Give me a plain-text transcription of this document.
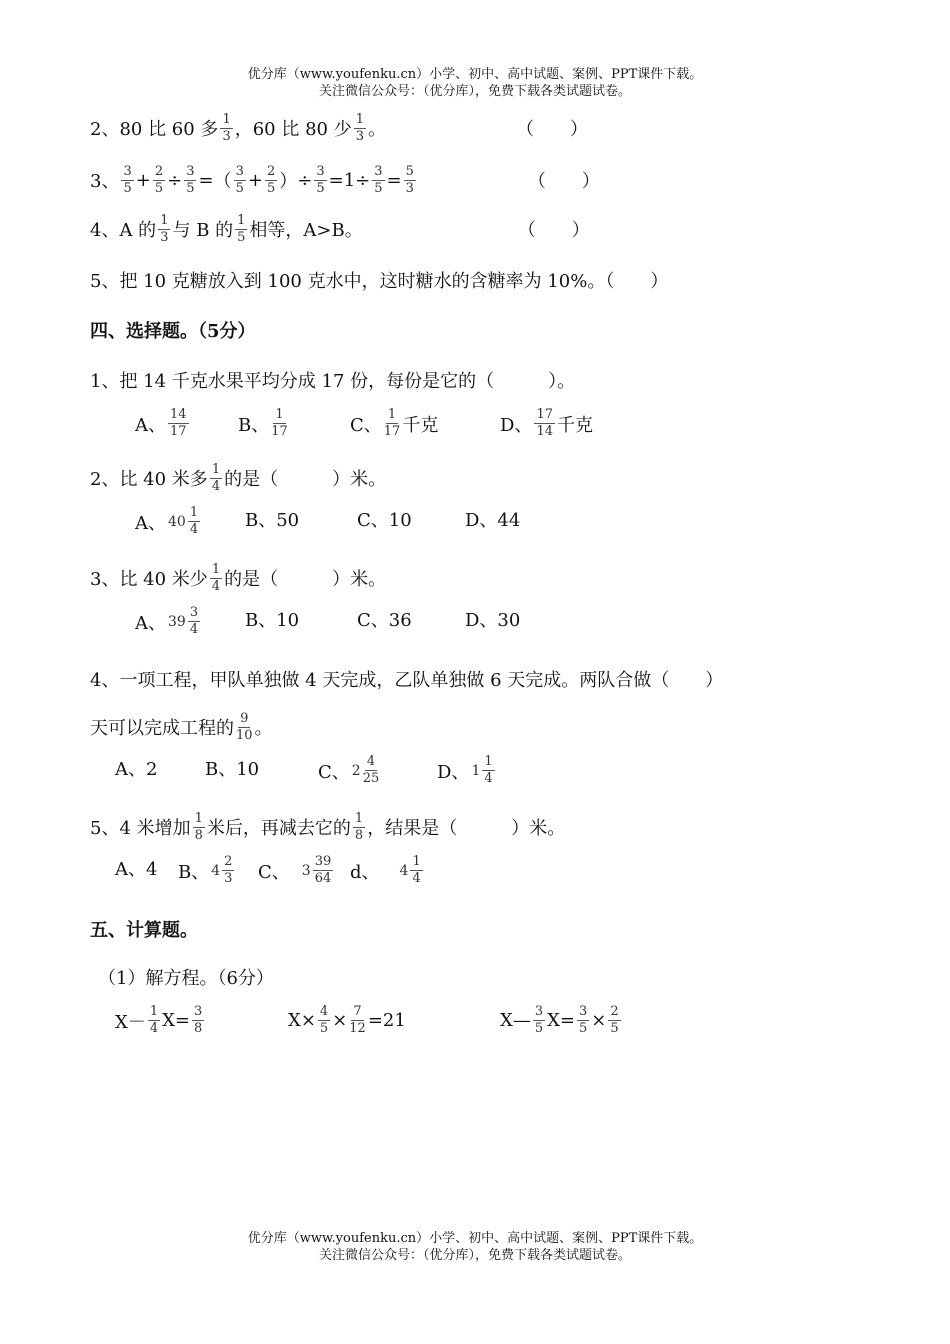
优分库（www.youfenku.cn）小学、初中、高中试题、案例、PPT课件下载。
关注微信公众号：（优分库），免费下载各类试题试卷。
2、80 比 60 多 $\frac{1}{3}$ ，60 比 80 少 $\frac{1}{3}$ 。	（　　）
3、 $\frac{3}{5} + \frac{2}{5} \div \frac{3}{5}$ = （ $\frac{3}{5} + \frac{2}{5}$ ） ÷ $\frac{3}{5} =1\div \frac{3}{5} = \frac{5}{3}$	（　　）
4、A 的 $\frac{1}{3}$ 与 B 的 $\frac{1}{5}$ 相等，A>B。	（　　）
5、把 10 克糖放入到 100 克水中，这时糖水的含糖率为 10%。（　　）
四、选择题。（5分）
1、把 14 千克水果平均分成 17 份，每份是它的（　　　）。
A、 $\frac{14}{17}$	B、 $\frac{1}{17}$	C、 $\frac{1}{17}$ 千克	D、 $\frac{17}{14}$ 千克
2、比 40 米多 $\frac{1}{4}$ 的是（　　　）米。
A、 $40 \frac{1}{4}$ B、50	C、10	D、44
3、比 40 米少 $\frac{1}{4}$ 的是（　　　）米。
A、 $39 \frac{3}{4}$ B、10	C、36	D、30
4、一项工程，甲队单独做 4 天完成，乙队单独做 6 天完成。两队合做（　　）
天可以完成工程的 $\frac{9}{10}$ 。
A、2	B、10	C、 $2 \frac{4}{25}$	D、 $1 \frac{1}{4}$
5、4 米增加 $\frac{1}{8}$ 米后，再减去它的 $\frac{1}{8}$ ，结果是（　　　）米。
A、4 B、 $4 \frac{2}{3}$ C、 $3 \frac{39}{64}$ d、 $4 \frac{1}{4}$
五、计算题。
（1）解方程。（6分）
$X- \frac{1}{4} X= \frac{3}{8}$	$X\times \frac{4}{5} \times \frac{7}{12} =21$	X— $\frac{3}{5} X= \frac{3}{5} \times \frac{2}{5}$
优分库（www.youfenku.cn）小学、初中、高中试题、案例、PPT课件下载。
关注微信公众号：（优分库），免费下载各类试题试卷。
